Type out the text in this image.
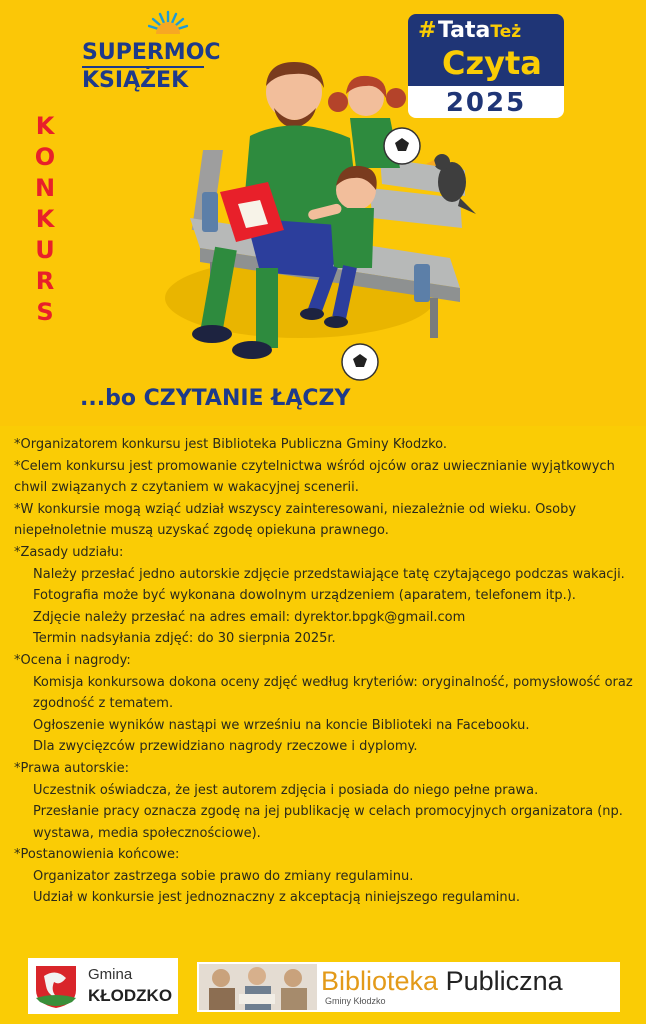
SUPERMOC
KSIĄŻEK
# TataTeż
Czyta
2025
K
O
N
K
U
R
S
...bo CZYTANIE ŁĄCZY
*Organizatorem konkursu jest Biblioteka Publiczna Gminy Kłodzko.
*Celem konkursu jest promowanie czytelnictwa wśród ojców oraz uwiecznianie wyjątkowych chwil związanych z czytaniem w wakacyjnej scenerii.
*W konkursie mogą wziąć udział wszyscy zainteresowani, niezależnie od wieku. Osoby niepełnoletnie muszą uzyskać zgodę opiekuna prawnego.
*Zasady udziału:
Należy przesłać jedno autorskie zdjęcie przedstawiające tatę czytającego podczas wakacji.
Fotografia może być wykonana dowolnym urządzeniem (aparatem, telefonem itp.).
Zdjęcie należy przesłać na adres email: dyrektor.bpgk@gmail.com
Termin nadsyłania zdjęć: do 30 sierpnia 2025r.
*Ocena i nagrody:
Komisja konkursowa dokona oceny zdjęć według kryteriów: oryginalność, pomysłowość oraz zgodność z tematem.
Ogłoszenie wyników nastąpi we wrześniu na koncie Biblioteki na Facebooku.
Dla zwycięzców przewidziano nagrody rzeczowe i dyplomy.
*Prawa autorskie:
Uczestnik oświadcza, że jest autorem zdjęcia i posiada do niego pełne prawa.
Przesłanie pracy oznacza zgodę na jej publikację w celach promocyjnych organizatora (np. wystawa, media społecznościowe).
*Postanowienia końcowe:
Organizator zastrzega sobie prawo do zmiany regulaminu.
Udział w konkursie jest jednoznaczny z akceptacją niniejszego regulaminu.
Gmina
KŁODZKO	Biblioteka Publiczna
Gminy Kłodzko
